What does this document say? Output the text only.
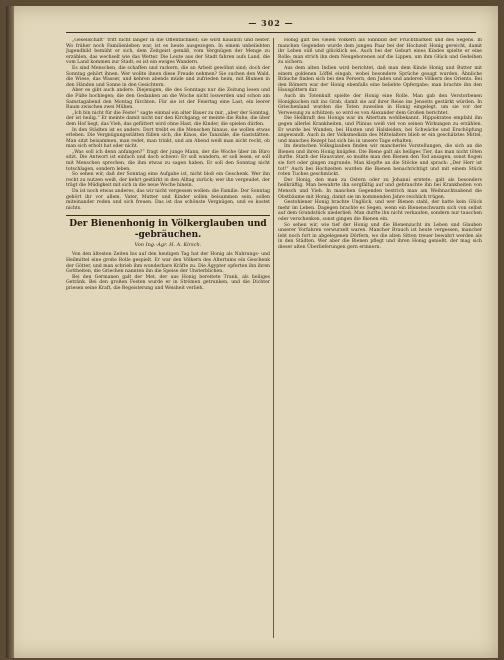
— 302 —

„Gesellschaft“ tritt nicht länger in die Öffentlichkeit; sie wird häuslich und heiter. Wo früher noch Familienleben war, ist es heute ausgezogen. In einem unbeliebten Jugendbild bemüht er sich, dem Zeitgeist gemäß, vom Vergnügen der Menge zu erzählen, das wechselt wie das Wetter. Die Leute aus der Stadt fahren aufs Land, die vom Land kommen zur Stadt; es ist ein ewiges Wandern.

Es sind Menschen, die schaffen und rackern, die an Arbeit gewöhnt sind; doch der Sonntag gehört ihnen. Wer wollte ihnen diese Freude nehmen? Sie suchen den Wald, die Wiese, das Wasser, und kehren abends müde und zufrieden heim, mit Blumen in den Händen und Sonne in den Gesichtern.

Aber es gibt auch andere. Diejenigen, die des Sonntags nur die Zeitung lesen und die Füße hochlegen; die den Gedanken an die Woche nicht loswerden und schon am Samstagabend den Montag fürchten. Für sie ist der Feiertag eine Last, ein leerer Raum zwischen zwei Mühen.

„Ich bin nicht für die Feste!“ sagte einmal ein alter Bauer zu mir, „aber der Sonntag, der ist heilig.“ Er meinte damit nicht nur den Kirchgang; er meinte die Ruhe, die über dem Hof liegt, das Vieh, das gefüttert wird ohne Hast, die Kinder, die spielen dürfen.

In den Städten ist es anders. Dort treibt es die Menschen hinaus, sie wollen etwas erleben. Die Vergnügungsstätten füllen sich, die Kinos, die Tanzsäle, die Gaststätten. Man sitzt beisammen, man redet, man trinkt, und am Abend weiß man nicht recht, ob man sich erholt hat oder nicht.

„Was soll ich denn anfangen?“ fragt der junge Mann, der die Woche über im Büro sitzt. Die Antwort ist einfach und doch schwer: Er soll wandern, er soll lesen, er soll mit Menschen sprechen, die ihm etwas zu sagen haben. Er soll den Sonntag nicht totschlagen, sondern leben.

So sehen wir, daß der Sonntag eine Aufgabe ist, nicht bloß ein Geschenk. Wer ihn recht zu nutzen weiß, der kehrt gestärkt in den Alltag zurück; wer ihn vergeudet, der trägt die Müdigkeit mit sich in die neue Woche hinein.

Da ist noch etwas anderes, das wir nicht vergessen wollen: die Familie. Der Sonntag gehört ihr vor allem. Vater, Mutter und Kinder sollen beisammen sein, sollen miteinander reden und sich freuen. Das ist das schönste Vergnügen, und es kostet nichts.

Der Bienenhonig in Völkerglauben und -gebräuchen.
Von Ing.-Agr. H. A. Kirsch.

Von den ältesten Zeiten bis auf den heutigen Tag hat der Honig als Nahrungs- und Heilmittel eine große Rolle gespielt. Er war den Völkern des Altertums ein Geschenk der Götter, und man schrieb ihm wunderbare Kräfte zu. Die Ägypter opferten ihn ihren Gottheiten, die Griechen nannten ihn die Speise der Unsterblichen.

Bei den Germanen galt der Met, der aus Honig bereitete Trank, als heiliges Getränk. Bei den großen Festen wurde er in Strömen getrunken, und die Dichter priesen seine Kraft, die Begeisterung und Weisheit verlieh.

Honig galt bei vielen Völkern als Sinnbild der Fruchtbarkeit und des Segens. In manchen Gegenden wurde dem jungen Paar bei der Hochzeit Honig gereicht, damit ihr Leben süß und glücklich sei. Auch bei der Geburt eines Kindes spielte er eine Rolle; man strich ihn dem Neugeborenen auf die Lippen, um ihm Glück und Gedeihen zu sichern.

Aus dem alten Indien wird berichtet, daß man dem Kinde Honig und Butter mit einem goldenen Löffel eingab, wobei besondere Sprüche gesagt wurden. Ähnliche Bräuche finden sich bei den Persern, den Juden und anderen Völkern des Orients. Bei den Römern war der Honig ebenfalls eine beliebte Opfergabe; man brachte ihn den Hausgöttern dar.

Auch im Totenkult spielte der Honig eine Rolle. Man gab den Verstorbenen Honigkuchen mit ins Grab, damit sie auf ihrer Reise ins Jenseits gestärkt würden. In Griechenland wurden die Toten zuweilen in Honig eingelegt, um sie vor der Verwesung zu schützen; so wird es von Alexander dem Großen berichtet.

Die Heilkraft des Honigs war im Altertum wohlbekannt. Hippokrates empfahl ihn gegen allerlei Krankheiten, und Plinius weiß viel von seinen Wirkungen zu erzählen. Er wurde bei Wunden, bei Husten und Halsleiden, bei Schwäche und Erschöpfung angewandt. Auch in der Volksmedizin des Mittelalters blieb er ein geschätztes Mittel, und manches Rezept hat sich bis in unsere Tage erhalten.

Im deutschen Volksglauben finden wir mancherlei Vorstellungen, die sich an die Bienen und ihren Honig knüpfen. Die Biene galt als heiliges Tier, das man nicht töten durfte. Starb der Hausvater, so mußte man den Bienen den Tod ansagen, sonst flogen sie fort oder gingen zugrunde. Man klopfte an die Stöcke und sprach: „Der Herr ist tot!“ Auch bei Hochzeiten wurden die Bienen benachrichtigt und mit einem Stück roten Tuches geschmückt.

Der Honig, den man zu Ostern oder zu Johanni erntete, galt als besonders heilkräftig. Man bewahrte ihn sorgfältig auf und gebrauchte ihn bei Krankheiten von Mensch und Vieh. In manchen Gegenden bestrich man am Weihnachtsabend die Obstbäume mit Honig, damit sie im kommenden Jahre reichlich trügen.

Gestohlener Honig brachte Unglück, und wer Bienen stahl, der hatte kein Glück mehr im Leben. Dagegen brachte es Segen, wenn ein Bienenschwarm sich von selbst auf dem Grundstück niederließ. Man durfte ihn nicht verkaufen, sondern nur tauschen oder verschenken, sonst gingen die Bienen ein.

So sehen wir, wie tief der Honig und die Bienenzucht im Leben und Glauben unserer Vorfahren verwurzelt waren. Mancher Brauch ist heute vergessen, mancher lebt noch fort in abgelegenen Dörfern, wo die alten Sitten treuer bewahrt werden als in den Städten. Wer aber die Bienen pflegt und ihren Honig genießt, der mag sich dieser alten Überlieferungen gern erinnern.
